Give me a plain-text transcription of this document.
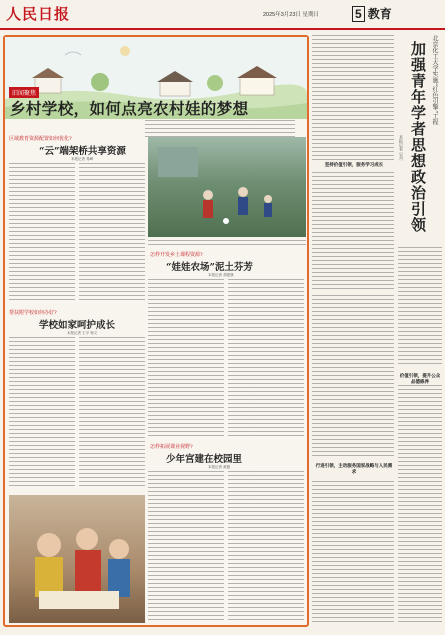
人民日报	2025年3月23日 星期日	5 教育
旧闻聚焦
乡村学校，如何点亮农村娃的梦想
区域教育资源配置如何优化?
“云”端架桥共享资源
本报记者 易峰
怎样开发乡土课程资源?
“娃娃农场”泥土芬芳
本报记者 胡建康
帮扶附学校如何办好?
学校如家呵护成长
本报记者 王平 杨文
怎样拓展课业视野?
少年宫建在校园里
本报记者 黄磊
北京化工大学实施“红色引擎”工程
加强青年学者思想政治引领
本报记者 吴丹
坚持价值引领，服务学习成长
价值引领，提升公众品德修养
行进引领，主动服务国家战略与人民需求
